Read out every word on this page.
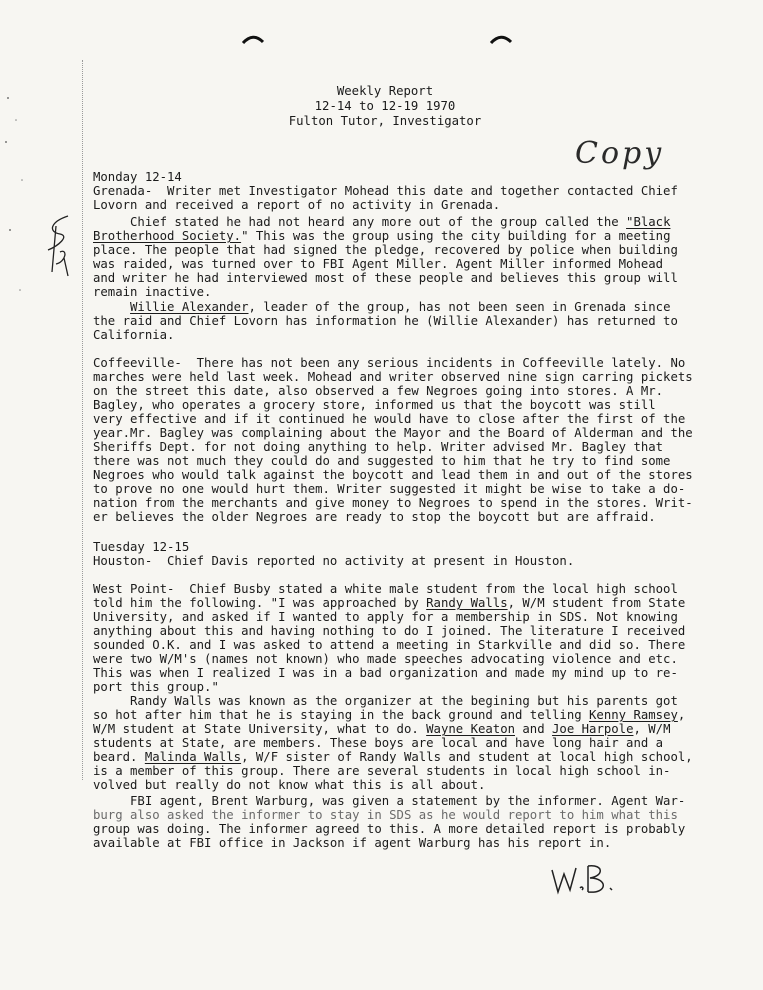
Weekly Report
12-14 to 12-19 1970
Fulton Tutor, Investigator
Copy
Monday 12-14
Grenada-  Writer met Investigator Mohead this date and together contacted Chief
Lovorn and received a report of no activity in Grenada.
Chief stated he had not heard any more out of the group called the "Black
Brotherhood Society." This was the group using the city building for a meeting
place. The people that had signed the pledge, recovered by police when building
was raided, was turned over to FBI Agent Miller. Agent Miller informed Mohead
and writer he had interviewed most of these people and believes this group will
remain inactive.
Willie Alexander, leader of the group, has not been seen in Grenada since
the raid and Chief Lovorn has information he (Willie Alexander) has returned to
California.
Coffeeville-  There has not been any serious incidents in Coffeeville lately. No
marches were held last week. Mohead and writer observed nine sign carring pickets
on the street this date, also observed a few Negroes going into stores. A Mr.
Bagley, who operates a grocery store, informed us that the boycott was still
very effective and if it continued he would have to close after the first of the
year.Mr. Bagley was complaining about the Mayor and the Board of Alderman and the
Sheriffs Dept. for not doing anything to help. Writer advised Mr. Bagley that
there was not much they could do and suggested to him that he try to find some
Negroes who would talk against the boycott and lead them in and out of the stores
to prove no one would hurt them. Writer suggested it might be wise to take a do-
nation from the merchants and give money to Negroes to spend in the stores. Writ-
er believes the older Negroes are ready to stop the boycott but are affraid.
Tuesday 12-15
Houston-  Chief Davis reported no activity at present in Houston.
West Point-  Chief Busby stated a white male student from the local high school
told him the following. "I was approached by Randy Walls, W/M student from State
University, and asked if I wanted to apply for a membership in SDS. Not knowing
anything about this and having nothing to do I joined. The literature I received
sounded O.K. and I was asked to attend a meeting in Starkville and did so. There
were two W/M's (names not known) who made speeches advocating violence and etc.
This was when I realized I was in a bad organization and made my mind up to re-
port this group."
Randy Walls was known as the organizer at the begining but his parents got
so hot after him that he is staying in the back ground and telling Kenny Ramsey,
W/M student at State University, what to do. Wayne Keaton and Joe Harpole, W/M
students at State, are members. These boys are local and have long hair and a
beard. Malinda Walls, W/F sister of Randy Walls and student at local high school,
is a member of this group. There are several students in local high school in-
volved but really do not know what this is all about.
FBI agent, Brent Warburg, was given a statement by the informer. Agent War-
burg also asked the informer to stay in SDS as he would report to him what this
group was doing. The informer agreed to this. A more detailed report is probably
available at FBI office in Jackson if agent Warburg has his report in.
